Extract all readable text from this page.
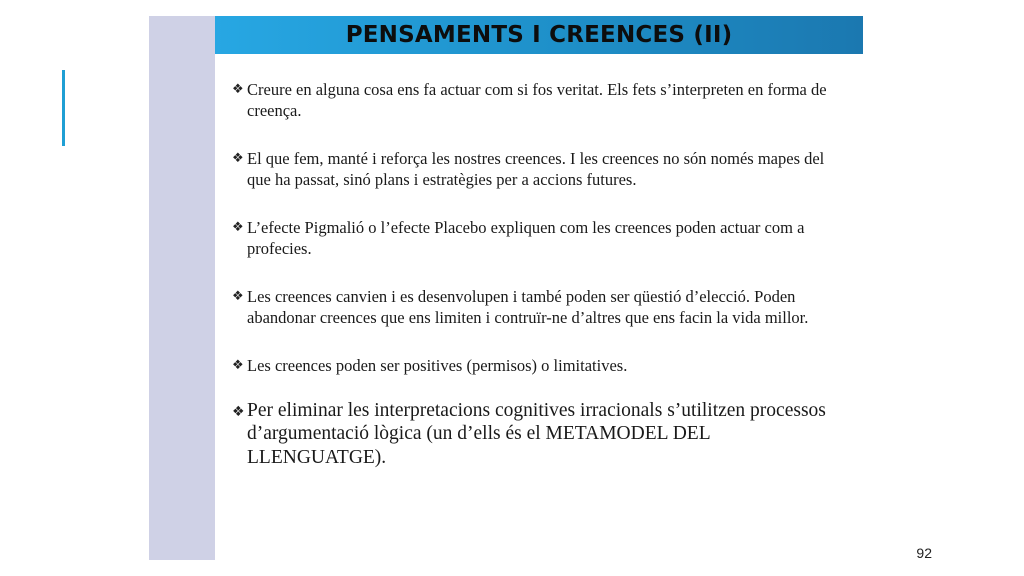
PENSAMENTS I CREENCES (II)
❖ Creure en alguna cosa ens fa actuar com si fos veritat. Els fets s’interpreten en forma de creença.
❖ El que fem, manté i reforça les nostres creences. I les creences no són només mapes del que ha passat, sinó plans i estratègies per a accions futures.
❖ L’efecte Pigmalió o l’efecte Placebo expliquen com les creences poden actuar com a profecies.
❖ Les creences canvien i es desenvolupen i també poden ser qüestió d’elecció. Poden abandonar creences que ens limiten i contruïr-ne d’altres que ens facin la vida millor.
❖ Les creences poden ser positives (permisos) o limitatives.
❖ Per eliminar les interpretacions cognitives irracionals s’utilitzen processos d’argumentació lògica (un d’ells és el METAMODEL DEL LLENGUATGE).
92
